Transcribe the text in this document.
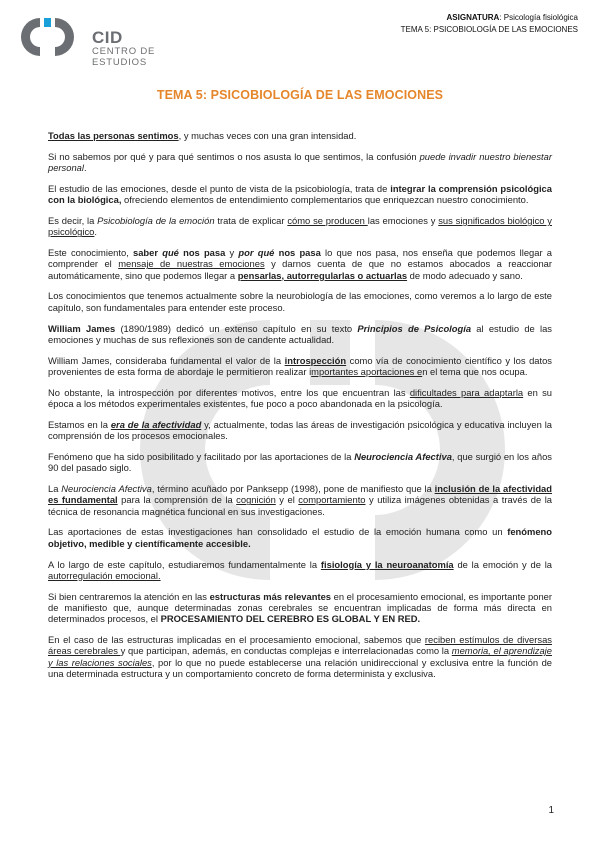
CID
CENTRO DE
ESTUDIOS
ASIGNATURA: Psicología fisiológica
TEMA 5: PSICOBIOLOGÍA DE LAS EMOCIONES
TEMA 5: PSICOBIOLOGÍA DE LAS EMOCIONES

Todas las personas sentimos, y muchas veces con una gran intensidad.

Si no sabemos por qué y para qué sentimos o nos asusta lo que sentimos, la confusión puede invadir nuestro bienestar personal.

El estudio de las emociones, desde el punto de vista de la psicobiología, trata de integrar la comprensión psicológica con la biológica, ofreciendo elementos de entendimiento complementarios que enriquezcan nuestro conocimiento.

Es decir, la Psicobiología de la emoción trata de explicar cómo se producen las emociones y sus significados biológico y psicológico.

Este conocimiento, saber qué nos pasa y por qué nos pasa lo que nos pasa, nos enseña que podemos llegar a comprender el mensaje de nuestras emociones y darnos cuenta de que no estamos abocados a reaccionar automáticamente, sino que podemos llegar a pensarlas, autorregularlas o actuarlas de modo adecuado y sano.

Los conocimientos que tenemos actualmente sobre la neurobiología de las emociones, como veremos a lo largo de este capítulo, son fundamentales para entender este proceso.

William James (1890/1989) dedicó un extenso capítulo en su texto Principios de Psicología al estudio de las emociones y muchas de sus reflexiones son de candente actualidad.

William James, consideraba fundamental el valor de la introspección como vía de conocimiento científico y los datos provenientes de esta forma de abordaje le permitieron realizar importantes aportaciones en el tema que nos ocupa.

No obstante, la introspección por diferentes motivos, entre los que encuentran las dificultades para adaptarla en su época a los métodos experimentales existentes, fue poco a poco abandonada en la psicología.

Estamos en la era de la afectividad y, actualmente, todas las áreas de investigación psicológica y educativa incluyen la comprensión de los procesos emocionales.

Fenómeno que ha sido posibilitado y facilitado por las aportaciones de la Neurociencia Afectiva, que surgió en los años 90 del pasado siglo.

La Neurociencia Afectiva, término acuñado por Panksepp (1998), pone de manifiesto que la inclusión de la afectividad es fundamental para la comprensión de la cognición y el comportamiento y utiliza imágenes obtenidas a través de la técnica de resonancia magnética funcional en sus investigaciones.

Las aportaciones de estas investigaciones han consolidado el estudio de la emoción humana como un fenómeno objetivo, medible y científicamente accesible.

A lo largo de este capítulo, estudiaremos fundamentalmente la fisiología y la neuroanatomía de la emoción y de la autorregulación emocional.

Si bien centraremos la atención en las estructuras más relevantes en el procesamiento emocional, es importante poner de manifiesto que, aunque determinadas zonas cerebrales se encuentran implicadas de forma más directa en determinados procesos, el PROCESAMIENTO DEL CEREBRO ES GLOBAL Y EN RED.

En el caso de las estructuras implicadas en el procesamiento emocional, sabemos que reciben estímulos de diversas áreas cerebrales y que participan, además, en conductas complejas e interrelacionadas como la memoria, el aprendizaje y las relaciones sociales, por lo que no puede establecerse una relación unidireccional y exclusiva entre la función de una determinada estructura y un comportamiento concreto de forma determinista y exclusiva.

1
